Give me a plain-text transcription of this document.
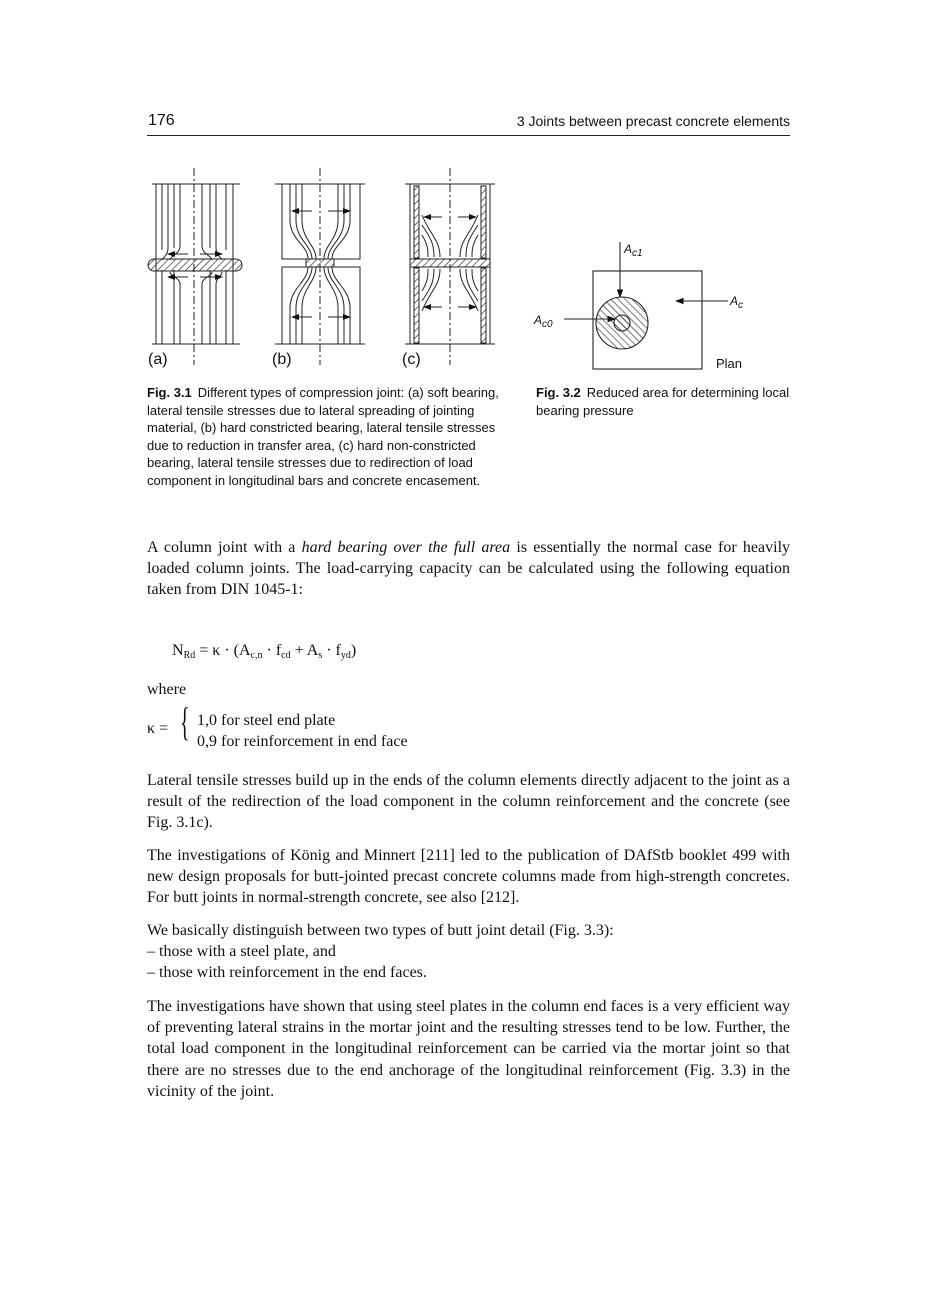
176	3 Joints between precast concrete elements
(a)	(b)	(c)
Fig. 3.1 Different types of compression joint: (a) soft bearing, lateral tensile stresses due to lateral spreading of jointing material, (b) hard constricted bearing, lateral tensile stresses due to reduction in transfer area, (c) hard non-constricted bearing, lateral tensile stresses due to redirection of load component in longitudinal bars and concrete encasement.
$A_{c1}$
$A_{c0}$
$A_c$
Plan
Fig. 3.2 Reduced area for determining local bearing pressure

A column joint with a hard bearing over the full area is essentially the normal case for heavily loaded column joints. The load-carrying capacity can be calculated using the following equation taken from DIN 1045-1:

$N_{Rd} = \kappa \cdot (A_{c,n} \cdot f_{cd} + A_s \cdot f_{yd})$
where
κ = { 1,0 for steel end plate
0,9 for reinforcement in end face

Lateral tensile stresses build up in the ends of the column elements directly adjacent to the joint as a result of the redirection of the load component in the column reinforcement and the concrete (see Fig. 3.1c).

The investigations of König and Minnert [211] led to the publication of DAfStb booklet 499 with new design proposals for butt-jointed precast concrete columns made from high-strength concretes. For butt joints in normal-strength concrete, see also [212].

We basically distinguish between two types of butt joint detail (Fig. 3.3):

– those with a steel plate, and

– those with reinforcement in the end faces.

The investigations have shown that using steel plates in the column end faces is a very efficient way of preventing lateral strains in the mortar joint and the resulting stresses tend to be low. Further, the total load component in the longitudinal reinforcement can be carried via the mortar joint so that there are no stresses due to the end anchorage of the longitudinal reinforcement (Fig. 3.3) in the vicinity of the joint.
